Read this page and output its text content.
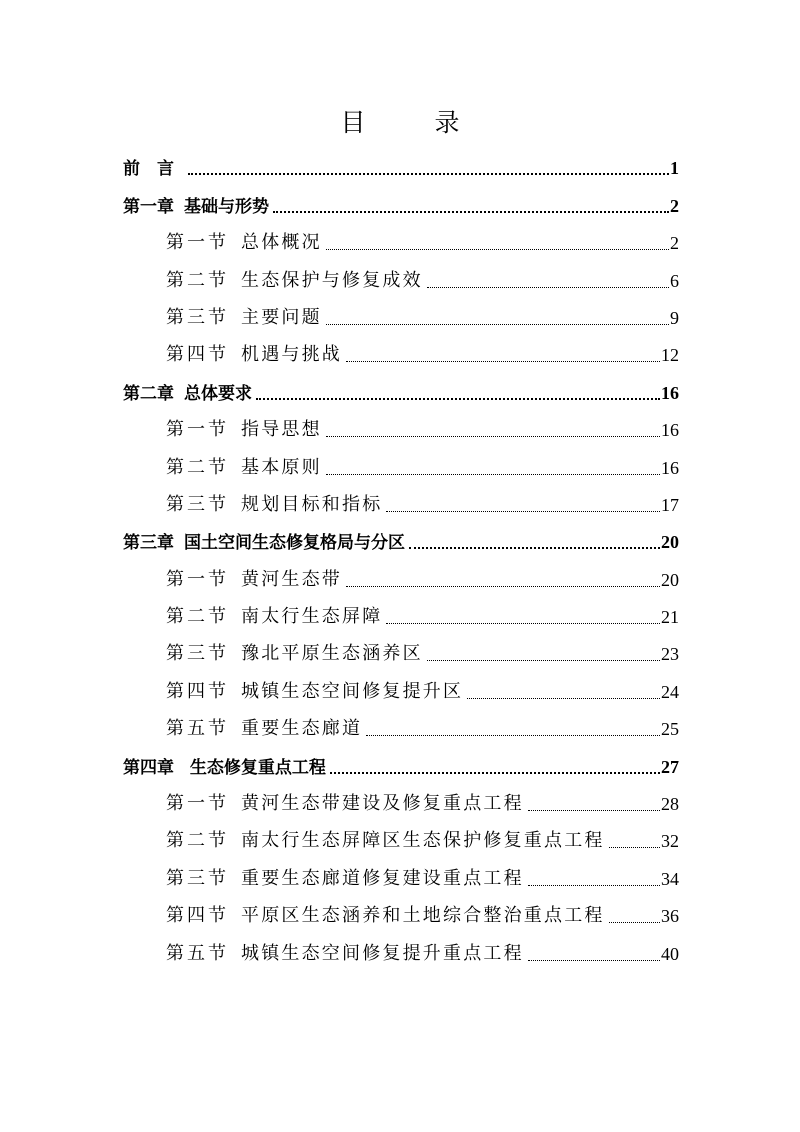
目　录
前　言	1
第一章 基础与形势	2
第一节 总体概况	2
第二节 生态保护与修复成效	6
第三节 主要问题	9
第四节 机遇与挑战	12
第二章 总体要求	16
第一节 指导思想	16
第二节 基本原则	16
第三节 规划目标和指标	17
第三章 国土空间生态修复格局与分区	20
第一节 黄河生态带	20
第二节 南太行生态屏障	21
第三节 豫北平原生态涵养区	23
第四节 城镇生态空间修复提升区	24
第五节 重要生态廊道	25
第四章 生态修复重点工程	27
第一节 黄河生态带建设及修复重点工程	28
第二节 南太行生态屏障区生态保护修复重点工程	32
第三节 重要生态廊道修复建设重点工程	34
第四节 平原区生态涵养和土地综合整治重点工程	36
第五节 城镇生态空间修复提升重点工程	40
